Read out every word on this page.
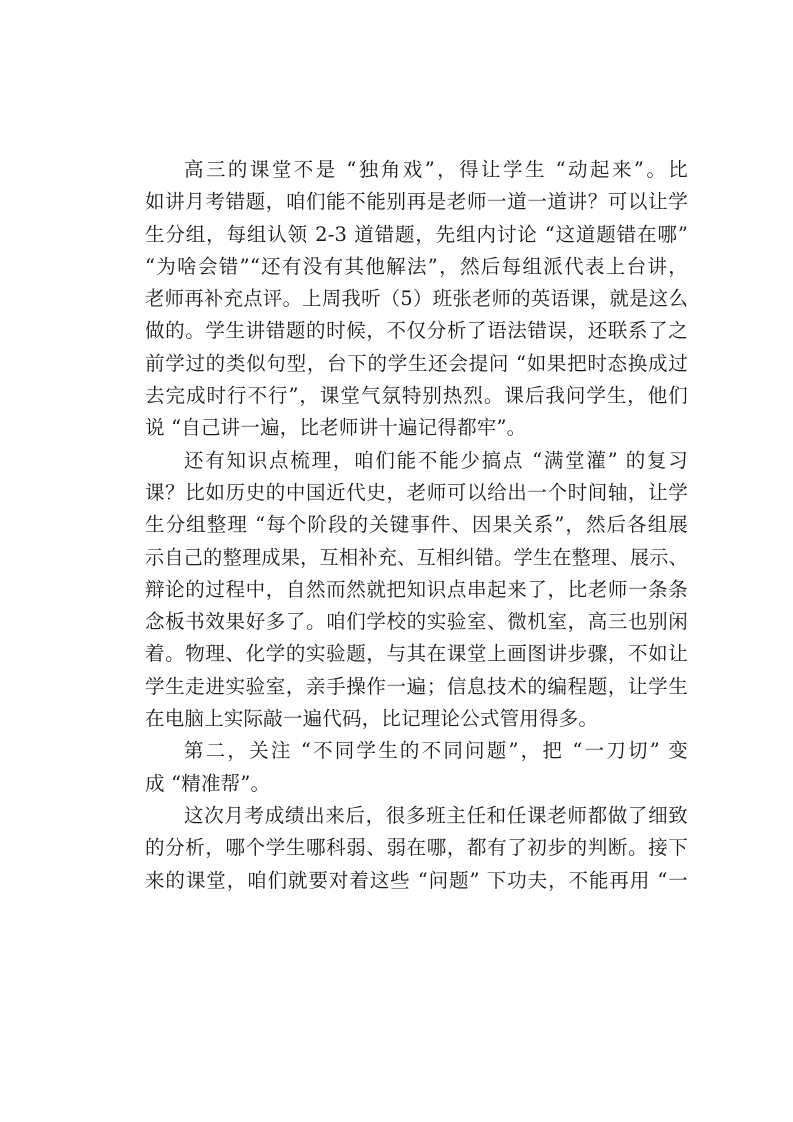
高三的课堂不是 “独角戏”，得让学生 “动起来”。比
如讲月考错题，咱们能不能别再是老师一道一道讲？可以让学
生分组，每组认领 2-3 道错题，先组内讨论 “这道题错在哪”
“为啥会错”“还有没有其他解法”，然后每组派代表上台讲，
老师再补充点评。上周我听（5）班张老师的英语课，就是这么
做的。学生讲错题的时候，不仅分析了语法错误，还联系了之
前学过的类似句型，台下的学生还会提问 “如果把时态换成过
去完成时行不行”，课堂气氛特别热烈。课后我问学生，他们
说 “自己讲一遍，比老师讲十遍记得都牢”。
还有知识点梳理，咱们能不能少搞点 “满堂灌” 的复习
课？比如历史的中国近代史，老师可以给出一个时间轴，让学
生分组整理 “每个阶段的关键事件、因果关系”，然后各组展
示自己的整理成果，互相补充、互相纠错。学生在整理、展示、
辩论的过程中，自然而然就把知识点串起来了，比老师一条条
念板书效果好多了。咱们学校的实验室、微机室，高三也别闲
着。物理、化学的实验题，与其在课堂上画图讲步骤，不如让
学生走进实验室，亲手操作一遍；信息技术的编程题，让学生
在电脑上实际敲一遍代码，比记理论公式管用得多。
第二，关注 “不同学生的不同问题”，把 “一刀切” 变
成 “精准帮”。
这次月考成绩出来后，很多班主任和任课老师都做了细致
的分析，哪个学生哪科弱、弱在哪，都有了初步的判断。接下
来的课堂，咱们就要对着这些 “问题” 下功夫，不能再用 “一
